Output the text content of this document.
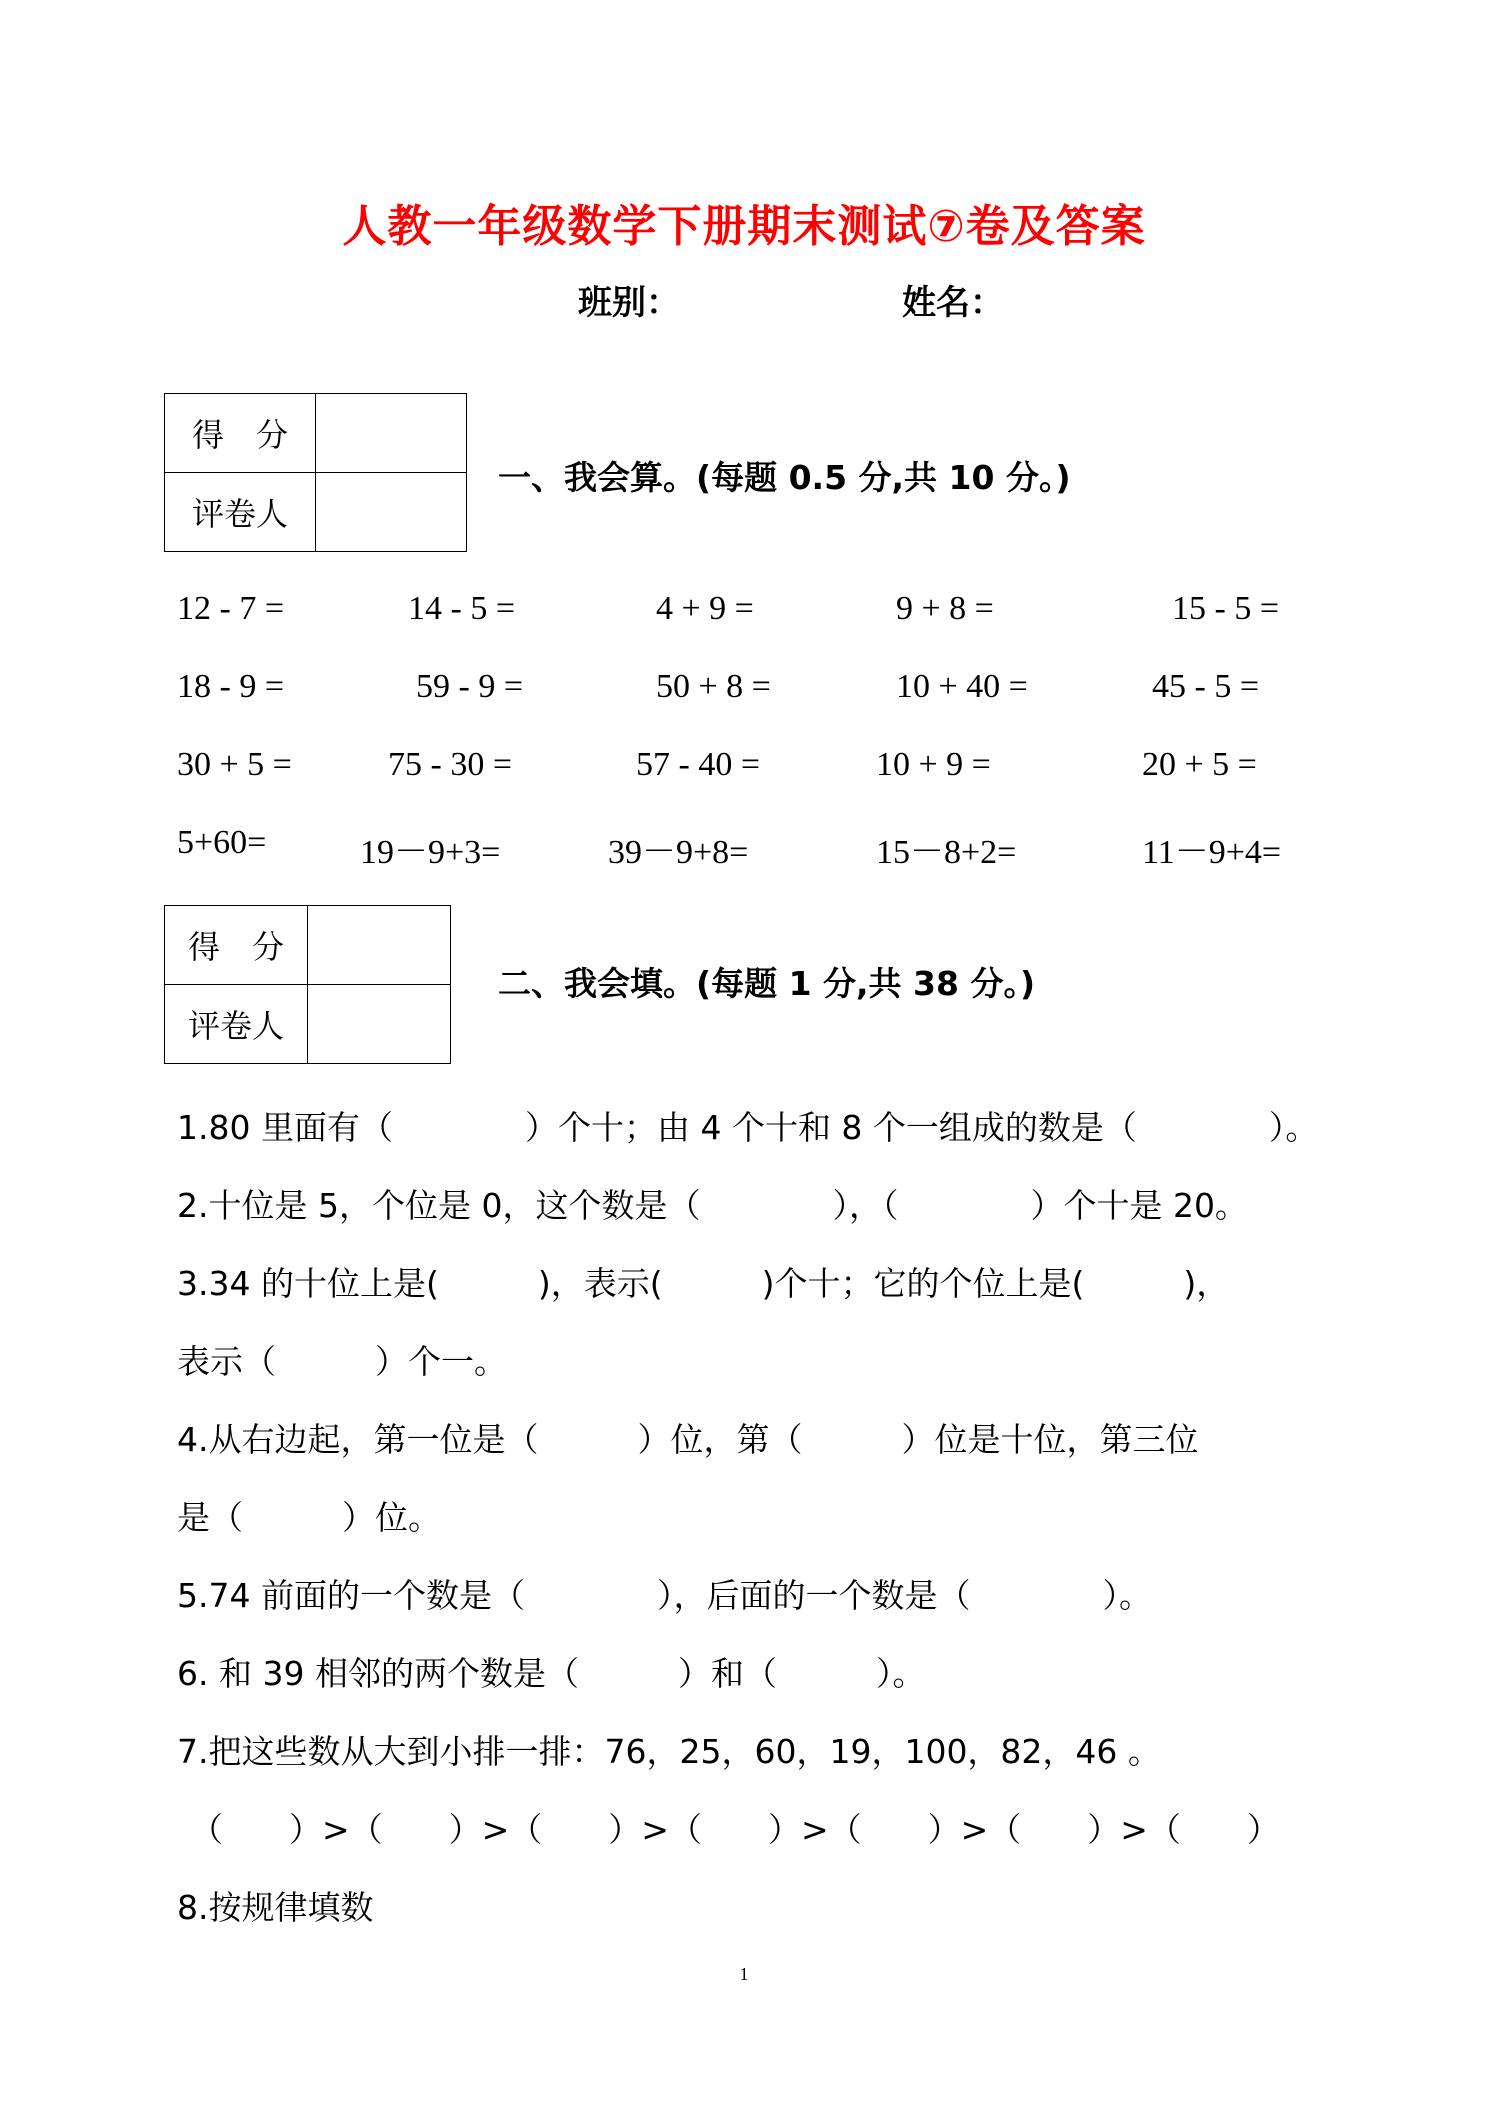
人教一年级数学下册期末测试⑦卷及答案
班别：	姓名：
得　分	
评卷人	
一、我会算。(每题 0.5 分,共 10 分。)
12 - 7 =	14 - 5 =	4 + 9 =	9 + 8 =	15 - 5 =
18 - 9 =	59 - 9 =	50 + 8 =	10 + 40 =	45 - 5 =
30 + 5 =	75 - 30 =	57 - 40 =	10 + 9 =	20 + 5 =
5+60=	19－9+3=	39－9+8=	15－8+2=	11－9+4=
得　分	
评卷人	
二、我会填。(每题 1 分,共 38 分。)
1.80 里面有（　　　　）个十；由 4 个十和 8 个一组成的数是（　　　　）。
2.十位是 5，个位是 0，这个数是（　　　　），（　　　　）个十是 20。
3.34 的十位上是(　　　)，表示(　　　)个十；它的个位上是(　　　)，
表示（　　　）个一。
4.从右边起，第一位是（　　　）位，第（　　　）位是十位，第三位
是（　　　）位。
5.74 前面的一个数是（　　　　），后面的一个数是（　　　　）。
6. 和 39 相邻的两个数是（　　　）和（　　　）。
7.把这些数从大到小排一排：76，25，60，19，100，82，46 。
（　　）>（　　）>（　　）>（　　）>（　　）>（　　）>（　　）
8.按规律填数
1
